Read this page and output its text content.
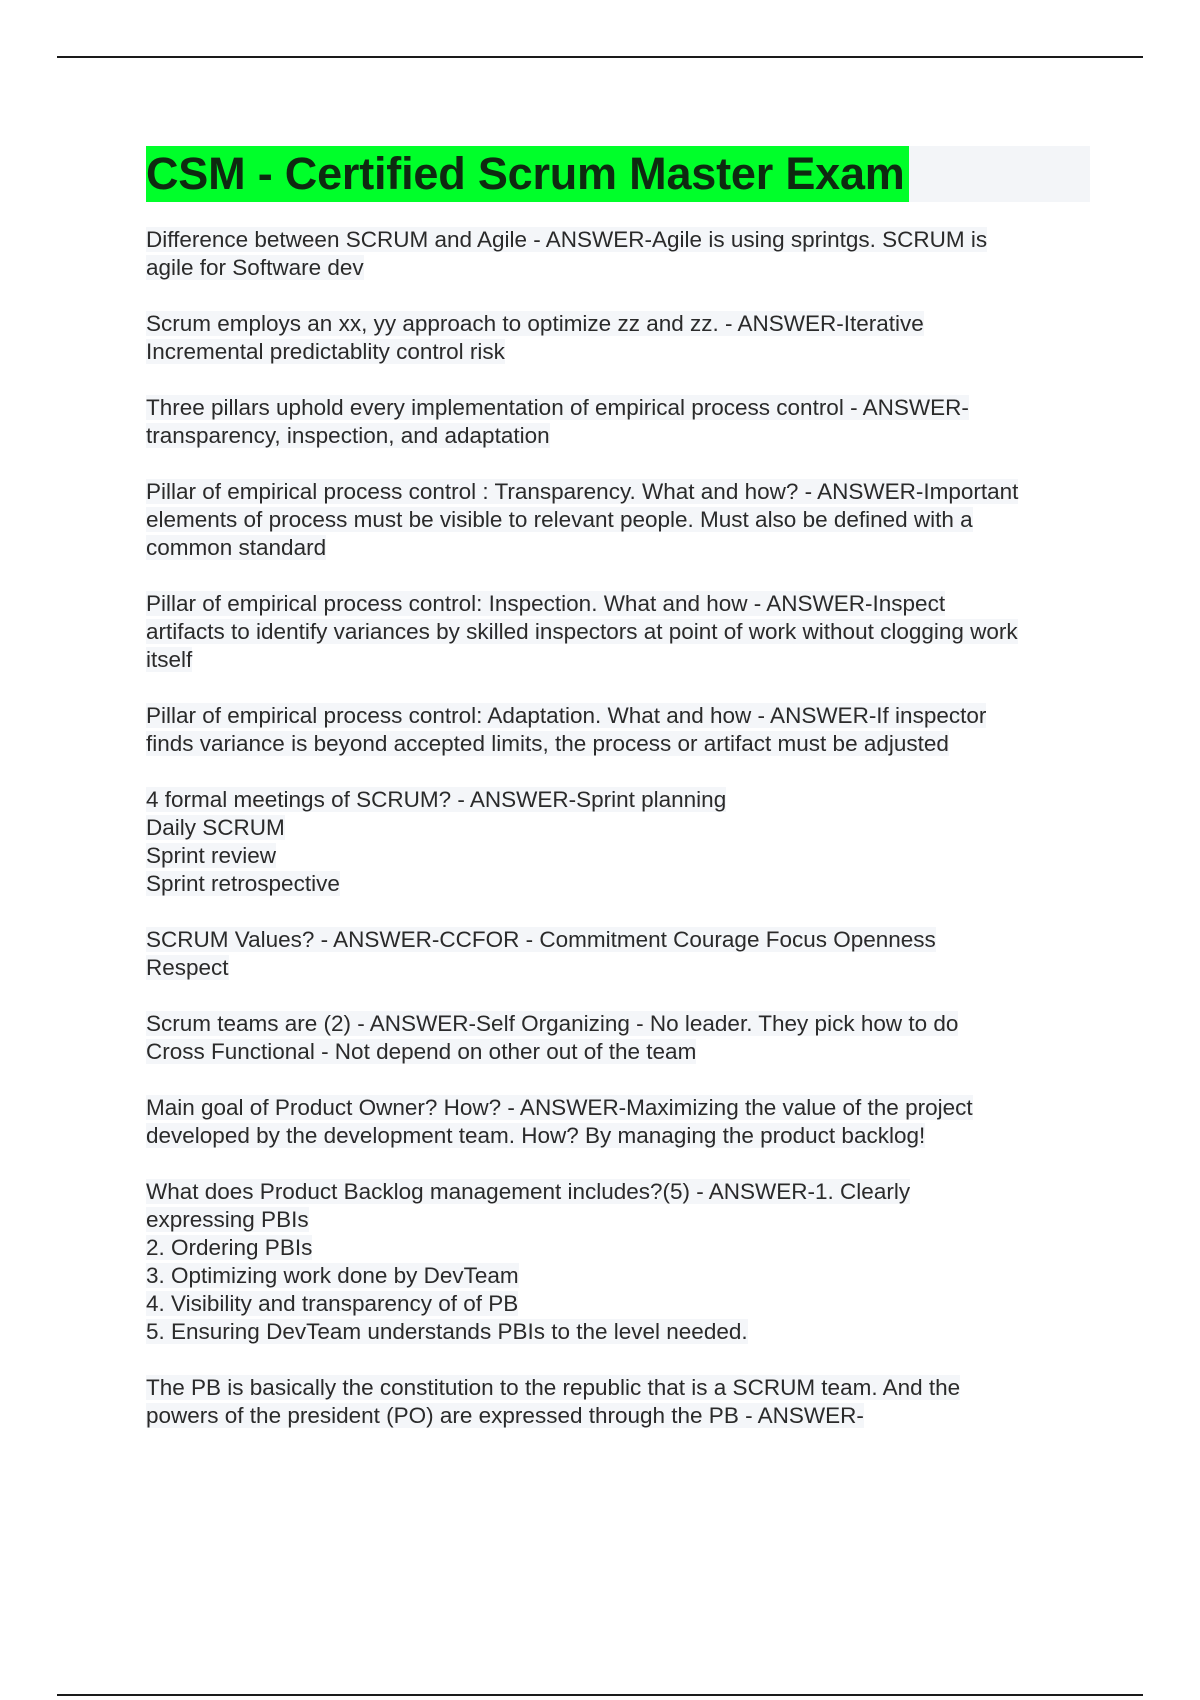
CSM - Certified Scrum Master Exam
Difference between SCRUM and Agile - ANSWER-Agile is using sprintgs. SCRUM is
agile for Software dev
Scrum employs an xx, yy approach to optimize zz and zz. - ANSWER-Iterative
Incremental predictablity control risk
Three pillars uphold every implementation of empirical process control - ANSWER-
transparency, inspection, and adaptation
Pillar of empirical process control : Transparency. What and how? - ANSWER-Important
elements of process must be visible to relevant people. Must also be defined with a
common standard
Pillar of empirical process control: Inspection. What and how - ANSWER-Inspect
artifacts to identify variances by skilled inspectors at point of work without clogging work
itself
Pillar of empirical process control: Adaptation. What and how - ANSWER-If inspector
finds variance is beyond accepted limits, the process or artifact must be adjusted
4 formal meetings of SCRUM? - ANSWER-Sprint planning
Daily SCRUM
Sprint review
Sprint retrospective
SCRUM Values? - ANSWER-CCFOR - Commitment Courage Focus Openness
Respect
Scrum teams are (2) - ANSWER-Self Organizing - No leader. They pick how to do
Cross Functional - Not depend on other out of the team
Main goal of Product Owner? How? - ANSWER-Maximizing the value of the project
developed by the development team. How? By managing the product backlog!
What does Product Backlog management includes?(5) - ANSWER-1. Clearly
expressing PBIs
2. Ordering PBIs
3. Optimizing work done by DevTeam
4. Visibility and transparency of of PB
5. Ensuring DevTeam understands PBIs to the level needed.
The PB is basically the constitution to the republic that is a SCRUM team. And the
powers of the president (PO) are expressed through the PB - ANSWER-
